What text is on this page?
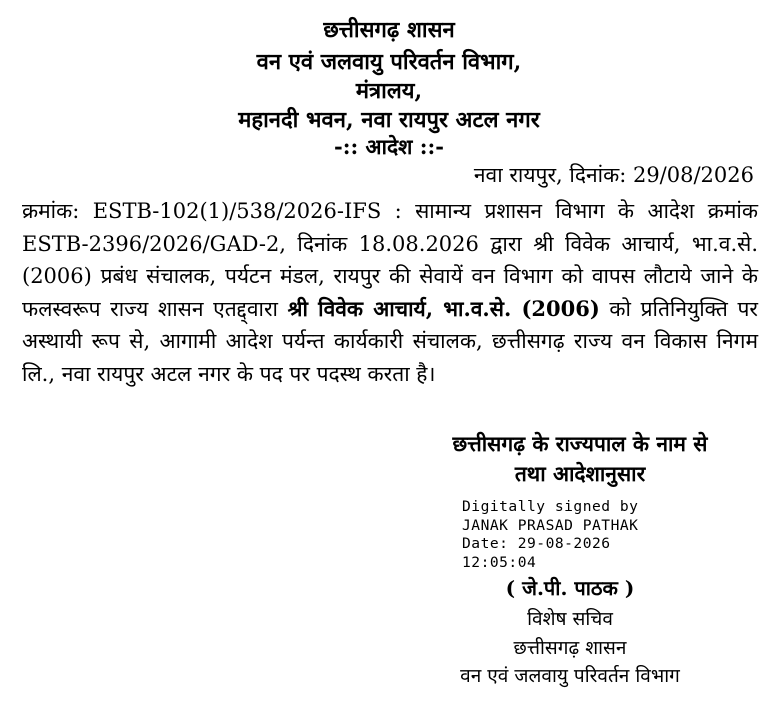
छत्तीसगढ़ शासन
वन एवं जलवायु परिवर्तन विभाग,
मंत्रालय,
महानदी भवन, नवा रायपुर अटल नगर
-:: आदेश ::-
नवा रायपुर, दिनांक: 29/08/2026
क्रमांक: ESTB-102(1)/538/2026-IFS : सामान्य प्रशासन विभाग के आदेश क्रमांक ESTB-2396/2026/GAD-2, दिनांक 18.08.2026 द्वारा श्री विवेक आचार्य, भा.व.से. (2006) प्रबंध संचालक, पर्यटन मंडल, रायपुर की सेवायें वन विभाग को वापस लौटाये जाने के फलस्वरूप राज्य शासन एतद्द्वारा श्री विवेक आचार्य, भा.व.से. (2006) को प्रतिनियुक्ति पर अस्थायी रूप से, आगामी आदेश पर्यन्त कार्यकारी संचालक, छत्तीसगढ़ राज्य वन विकास निगम लि., नवा रायपुर अटल नगर के पद पर पदस्थ करता है।
छत्तीसगढ़ के राज्यपाल के नाम से
तथा आदेशानुसार
Digitally signed by
JANAK PRASAD PATHAK
Date: 29-08-2026
12:05:04
( जे.पी. पाठक )
विशेष सचिव
छत्तीसगढ़ शासन
वन एवं जलवायु परिवर्तन विभाग
